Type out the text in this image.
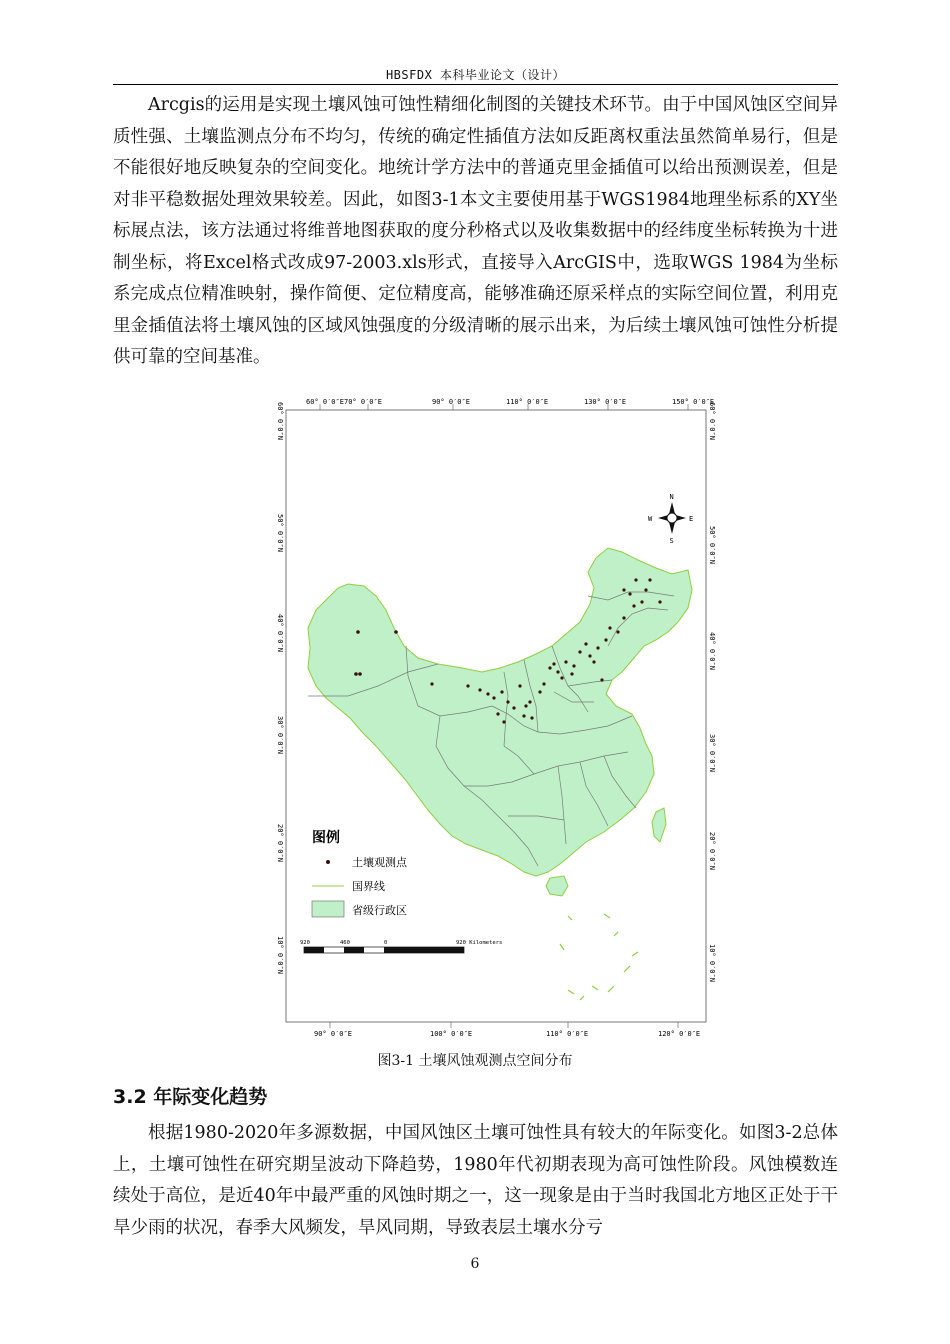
HBSFDX 本科毕业论文（设计）

Arcgis的运用是实现土壤风蚀可蚀性精细化制图的关键技术环节。由于中国风蚀区空间异质性强、土壤监测点分布不均匀，传统的确定性插值方法如反距离权重法虽然简单易行，但是不能很好地反映复杂的空间变化。地统计学方法中的普通克里金插值可以给出预测误差，但是对非平稳数据处理效果较差。因此，如图3-1本文主要使用基于WGS1984地理坐标系的XY坐标展点法，该方法通过将维普地图获取的度分秒格式以及收集数据中的经纬度坐标转换为十进制坐标，将Excel格式改成97-2003.xls形式，直接导入ArcGIS中，选取WGS 1984为坐标系完成点位精准映射，操作简便、定位精度高，能够准确还原采样点的实际空间位置，利用克里金插值法将土壤风蚀的区域风蚀强度的分级清晰的展示出来，为后续土壤风蚀可蚀性分析提供可靠的空间基准。

60° 0′0″E 70° 0′0″E	90° 0′0″E	110° 0′0″E	130° 0′0″E	150° 0′0″E
90° 0′0″E	100° 0′0″E	110° 0′0″E	120° 0′0″E
60° 0′0″N
50° 0′0″N
40° 0′0″N
30° 0′0″N
20° 0′0″N
10° 0′0″N
60° 0′0″N
50° 0′0″N
40° 0′0″N
30° 0′0″N
20° 0′0″N
10° 0′0″N
N
S
E
W
图例
土壤观测点
国界线
省级行政区
920	460	0	920 Kilometers
图3-1 土壤风蚀观测点空间分布
3.2 年际变化趋势

根据1980-2020年多源数据，中国风蚀区土壤可蚀性具有较大的年际变化。如图3-2总体上，土壤可蚀性在研究期呈波动下降趋势，1980年代初期表现为高可蚀性阶段。风蚀模数连续处于高位，是近40年中最严重的风蚀时期之一，这一现象是由于当时我国北方地区正处于干旱少雨的状况，春季大风频发，旱风同期，导致表层土壤水分亏

6
